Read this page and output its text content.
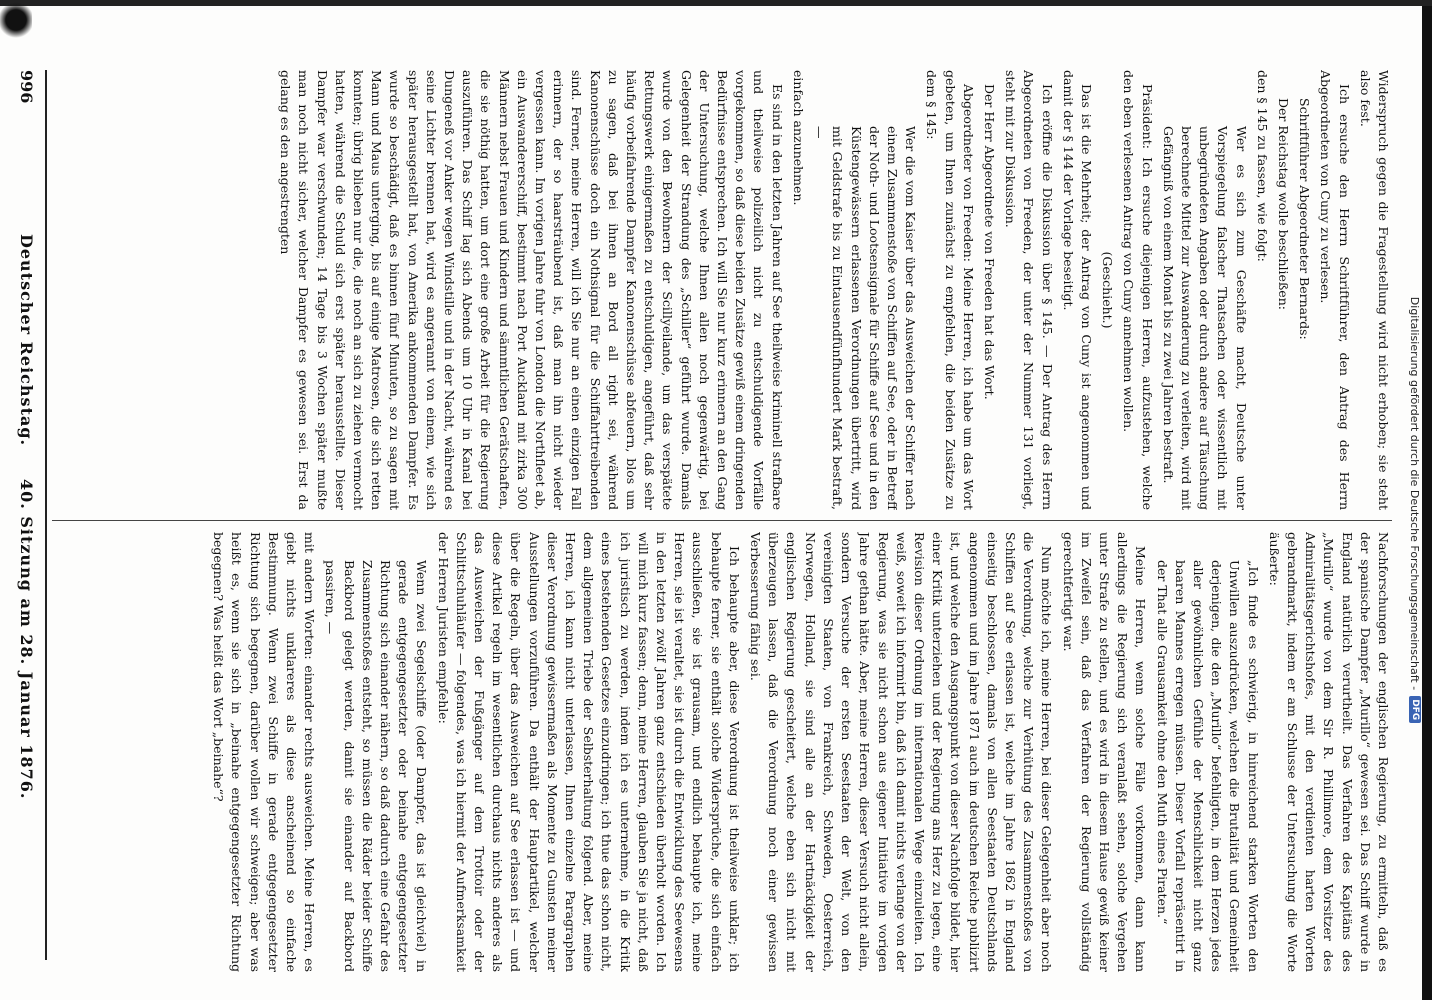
Digitalisierung gefördert durch die Deutsche Forschungsgemeinschaft -
DFG

Widerspruch gegen die Fragestellung wird nicht erhoben; sie steht also fest.

Ich ersuche den Herrn Schriftführer, den Antrag des Herrn Abgeordneten von Cuny zu verlesen.

Schriftführer Abgeordneter Bernards:

Der Reichstag wolle beschließen:

den § 145 zu fassen, wie folgt:

Wer es sich zum Geschäfte macht, Deutsche unter Vorspiegelung falscher Thatsachen oder wissentlich mit unbegründeten Angaben oder durch andere auf Täuschung berechnete Mittel zur Auswanderung zu verleiten, wird mit Gefängniß von einem Monat bis zu zwei Jahren bestraft.

Präsident: Ich ersuche diejenigen Herren, aufzustehen, welche den eben verlesenen Antrag von Cuny annehmen wollen.

(Geschieht.)

Das ist die Mehrheit; der Antrag von Cuny ist angenommen und damit der § 144 der Vorlage beseitigt.

Ich eröffne die Diskussion über § 145. — Der Antrag des Herrn Abgeordneten von Freeden, der unter der Nummer 131 vorliegt, steht mit zur Diskussion.

Der Herr Abgeordnete von Freeden hat das Wort.

Abgeordneter von Freeden: Meine Herren, ich habe um das Wort gebeten, um Ihnen zunächst zu empfehlen, die beiden Zusätze zu dem § 145:

Wer die vom Kaiser über das Ausweichen der Schiffer nach einem Zusammenstoße von Schiffen auf See, oder in Betreff der Noth- und Lootsensignale für Schiffe auf See und in den Küstengewässern erlassenen Verordnungen übertritt, wird mit Geldstrafe bis zu Eintausendfünfhundert Mark bestraft, —

einfach anzunehmen.

Es sind in den letzten Jahren auf See theilweise kriminell strafbare und theilweise polizeilich nicht zu entschuldigende Vorfälle vorgekommen, so daß diese beiden Zusätze gewiß einem dringenden Bedürfnisse entsprechen. Ich will Sie nur kurz erinnern an den Gang der Untersuchung, welche Ihnen allen noch gegenwärtig, bei Gelegenheit der Strandung des „Schiller“ geführt wurde. Damals wurde von den Bewohnern der Scillyeilande, um das verspätete Rettungswerk einigermaßen zu entschuldigen, angeführt, daß sehr häufig vorbeifahrende Dampfer Kanonenschüsse abfeuern, blos um zu sagen, daß bei ihnen an Bord all right sei, während Kanonenschüsse doch ein Nothsignal für die Schiffahrttreibenden sind. Ferner, meine Herren, will ich Sie nur an einen einzigen Fall erinnern, der so haarsträubend ist, daß man ihn nicht wieder vergessen kann. Im vorigen Jahre fuhr von London die Northfleet ab, ein Auswandererschiff, bestimmt nach Port Auckland mit zirka 300 Männern nebst Frauen und Kindern und sämmtlichen Gerätschaften, die sie nöthig hatten, um dort eine große Arbeit für die Regierung auszuführen. Das Schiff lag sich Abends um 10 Uhr in Kanal bei Dungeneß vor Anker wegen Windstille und in der Nacht, während es seine Lichter brennen hat, wird es angerannt von einem, wie sich später herausgestellt hat, von Amerika ankommenden Dampfer. Es wurde so beschädigt, daß es binnen fünf Minuten, so zu sagen mit Mann und Maus unterging, bis auf einige Matrosen, die sich retten konnten; übrig blieben nur die, die noch an sich zu ziehen vermocht hatten, während die Schuld sich erst später herausstellte. Dieser Dampfer war verschwunden; 14 Tage bis 3 Wochen später mußte man noch nicht sicher, welcher Dampfer es gewesen sei. Erst da gelang es den angestrengten

Nachforschungen der englischen Regierung, zu ermitteln, daß es der spanische Dampfer „Murillo“ gewesen sei. Das Schiff wurde in England natürlich verurtheilt. Das Verfahren des Kapitäns des „Murillo“ wurde von dem Sir R. Phillimore, dem Vorsitzer des Admiralitätsgerichtshofes, mit den verdienten harten Worten gebrandmarkt, indem er am Schlusse der Untersuchung die Worte äußerte:

„Ich finde es schwierig, in hinreichend starken Worten den Unwillen auszudrücken, welchen die Brutalität und Gemeinheit derjenigen, die den „Murillo“ befehligten, in dem Herzen jedes aller gewöhnlichen Gefühle der Menschlichkeit nicht ganz baaren Mannes erregen müssen. Dieser Vorfall repräsentirt in der That alle Grausamkeit ohne den Muth eines Piraten.“

Meine Herren, wenn solche Fälle vorkommen, dann kann allerdings die Regierung sich veranlaßt sehen, solche Vergehen unter Strafe zu stellen, und es wird in diesem Hause gewiß keiner im Zweifel sein, daß das Verfahren der Regierung vollständig gerechtfertigt war.

Nun möchte ich, meine Herren, bei dieser Gelegenheit aber noch die Verordnung, welche zur Verhütung des Zusammenstoßes von Schiffen auf See erlassen ist, welche im Jahre 1862 in England einseitig beschlossen, damals von allen Seestaaten Deutschlands angenommen und im Jahre 1871 auch im deutschen Reiche publizirt ist, und welche den Ausgangspunkt von dieser Nachfolge bildet, hier einer Kritik unterziehen und der Regierung ans Herz zu legen, eine Revision dieser Ordnung im internationalen Wege einzuleiten. Ich weiß, soweit ich informirt bin, daß ich damit nichts verlange von der Regierung, was sie nicht schon aus eigener Initiative im vorigen Jahre gethan hätte. Aber, meine Herren, dieser Versuch nicht allein, sondern Versuche der ersten Seestaaten der Welt, von den vereinigten Staaten, von Frankreich, Schweden, Oesterreich, Norwegen, Holland, sie sind alle an der Hartnäckigkeit der englischen Regierung gescheitert, welche eben sich nicht mit überzeugen lassen, daß die Verordnung noch einer gewissen Verbesserung fähig sei.

Ich behaupte aber, diese Verordnung ist theilweise unklar; ich behaupte ferner, sie enthält solche Widersprüche, die sich einfach ausschließen, sie ist grausam, und endlich behaupte ich, meine Herren, sie ist veraltet, sie ist durch die Entwicklung des Seewesens in den letzten zwölf Jahren ganz entschieden überholt worden. Ich will mich kurz fassen; denn, meine Herren, glauben Sie ja nicht, daß ich juristisch zu werden, indem ich es unternehme, in die Kritik eines bestehenden Gesetzes einzudringen; ich thue das schon nicht, dem allgemeinen Triebe der Selbsterhaltung folgend. Aber, meine Herren, ich kann nicht unterlassen, Ihnen einzelne Paragraphen dieser Verordnung gewissermaßen als Momente zu Gunsten meiner Ausstellungen vorzuführen. Da enthält der Hauptartikel, welcher über die Regeln, über das Ausweichen auf See erlassen ist — und diese Artikel regeln im wesentlichen durchaus nichts anderes als das Ausweichen der Fußgänger auf dem Trottoir oder der Schlittschuhläufer — folgendes, was ich hiermit der Aufmerksamkeit der Herren Juristen empfehle:

Wenn zwei Segelschiffe (oder Dampfer, das ist gleichviel) in gerade entgegengesetzter oder beinahe entgegengesetzter Richtung sich einander nähern, so daß dadurch eine Gefahr des Zusammenstoßes entsteht, so müssen die Räder beider Schiffe Backbord gelegt werden, damit sie einander auf Backbord passiren, —

mit andern Worten: einander rechts ausweichen. Meine Herren, es giebt nichts unklareres als diese anscheinend so einfache Bestimmung. Wenn zwei Schiffe in gerade entgegengesetzter Richtung sich begegnen, darüber wollen wir schweigen; aber was heißt es, wenn sie sich in „beinahe entgegengesetzter Richtung begegnen? Was heißt das Wort „beinahe“?

996
Deutscher Reichstag.     40. Sitzung am 28. Januar 1876.
